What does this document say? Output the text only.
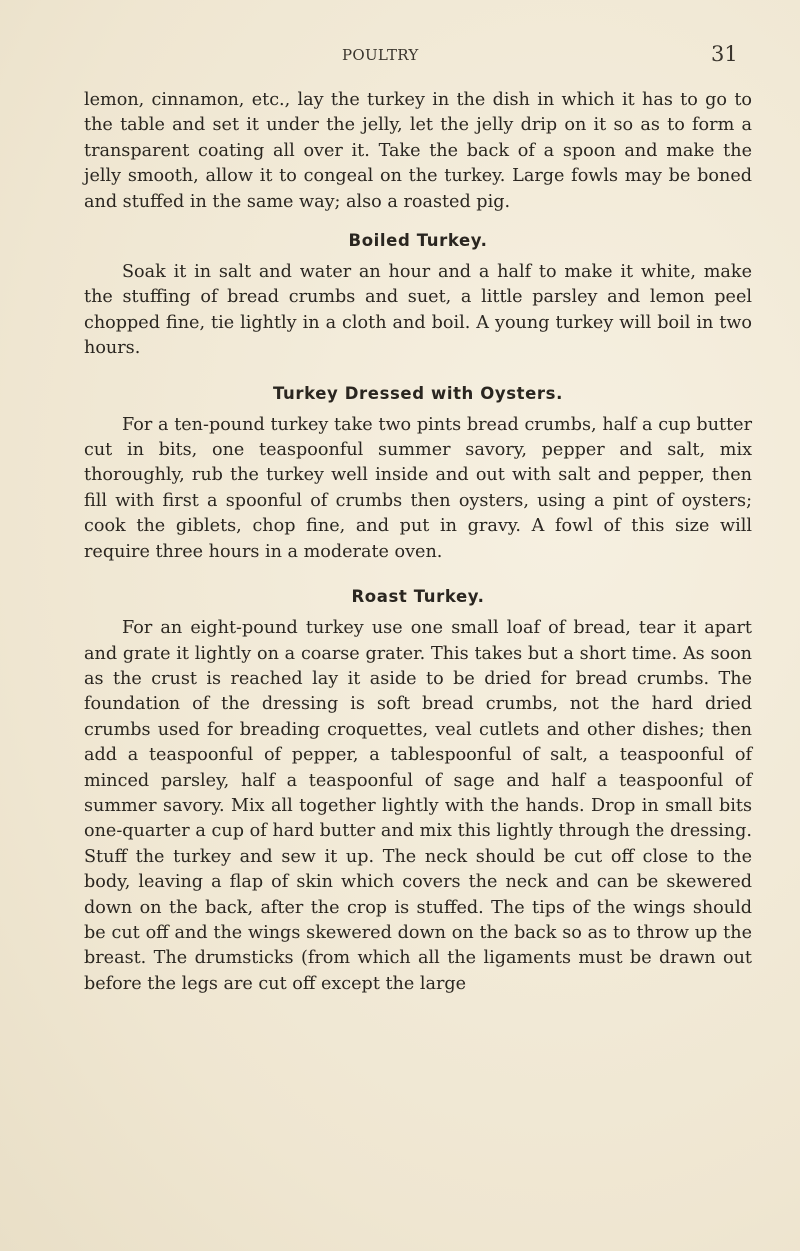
POULTRY	31

lemon, cinnamon, etc., lay the turkey in the dish in which it has to go to the table and set it under the jelly, let the jelly drip on it so as to form a transparent coating all over it. Take the back of a spoon and make the jelly smooth, allow it to congeal on the turkey. Large fowls may be boned and stuffed in the same way; also a roasted pig.

Boiled Turkey.

Soak it in salt and water an hour and a half to make it white, make the stuffing of bread crumbs and suet, a little parsley and lemon peel chopped fine, tie lightly in a cloth and boil. A young turkey will boil in two hours.

Turkey Dressed with Oysters.

For a ten-pound turkey take two pints bread crumbs, half a cup butter cut in bits, one teaspoonful summer savory, pepper and salt, mix thoroughly, rub the turkey well inside and out with salt and pepper, then fill with first a spoonful of crumbs then oysters, using a pint of oysters; cook the giblets, chop fine, and put in gravy. A fowl of this size will require three hours in a moderate oven.

Roast Turkey.

For an eight-pound turkey use one small loaf of bread, tear it apart and grate it lightly on a coarse grater. This takes but a short time. As soon as the crust is reached lay it aside to be dried for bread crumbs. The foundation of the dressing is soft bread crumbs, not the hard dried crumbs used for breading croquettes, veal cutlets and other dishes; then add a teaspoonful of pepper, a tablespoonful of salt, a teaspoonful of minced parsley, half a teaspoonful of sage and half a teaspoonful of summer savory. Mix all together lightly with the hands. Drop in small bits one-quarter a cup of hard butter and mix this lightly through the dressing. Stuff the turkey and sew it up. The neck should be cut off close to the body, leaving a flap of skin which covers the neck and can be skewered down on the back, after the crop is stuffed. The tips of the wings should be cut off and the wings skewered down on the back so as to throw up the breast. The drumsticks (from which all the ligaments must be drawn out before the legs are cut off except the large
